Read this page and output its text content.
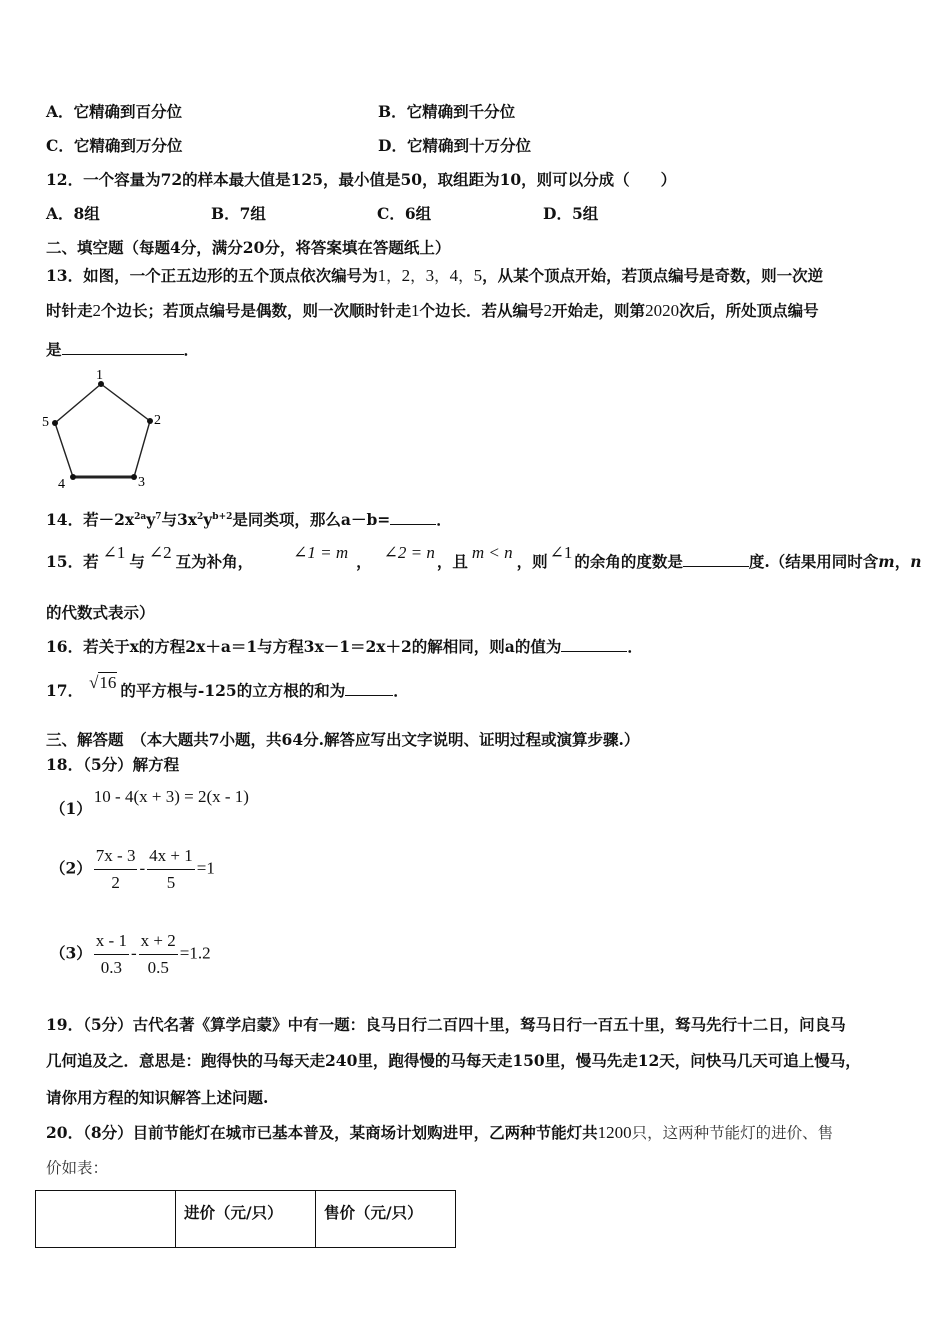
A．它精确到百分位	B．它精确到千分位
C．它精确到万分位	D．它精确到十万分位
12．一个容量为72的样本最大值是125，最小值是50，取组距为10，则可以分成（　　）
A．8组	B．7组	C．6组	D．5组
二、填空题（每题4分，满分20分，将答案填在答题纸上）
13．如图，一个正五边形的五个顶点依次编号为1，2，3，4，5，从某个顶点开始，若顶点编号是奇数，则一次逆
时针走2个边长；若顶点编号是偶数，则一次顺时针走1个边长．若从编号2开始走，则第2020次后，所处顶点编号
是	．
1
2
3
4
5
14．若$-2x^{2a}y^7$与$3x^2y^{b+2}$是同类项，那么a－b=	．
15．若 ∠1 与 ∠2 互为补角， ∠1 = m ， ∠2 = n ，且 m < n ，则 ∠1 的余角的度数是	度.（结果用同时含m，n
的代数式表示）
16．若关于x的方程2x＋a＝1与方程3x－1＝2x＋2的解相同，则a的值为	．
17． √16 的平方根与-125的立方根的和为	．
三、解答题　（本大题共7小题，共64分.解答应写出文字说明、证明过程或演算步骤.）
18．（5分）解方程
（1）10 - 4(x + 3) = 2(x - 1)
$(2) \frac{7x - 3}{2} - \frac{4x + 1}{5} =1$
$(3) \frac{x - 1}{0.3} - \frac{x + 2}{0.5} =1.2$
19．（5分）古代名著《算学启蒙》中有一题：良马日行二百四十里，驽马日行一百五十里，驽马先行十二日，问良马
几何追及之．意思是：跑得快的马每天走240里，跑得慢的马每天走150里，慢马先走12天，问快马几天可追上慢马，
请你用方程的知识解答上述问题.
20．（8分）目前节能灯在城市已基本普及，某商场计划购进甲，乙两种节能灯共1200只，这两种节能灯的进价、售
价如表：
	进价（元/只）	售价（元/只）
